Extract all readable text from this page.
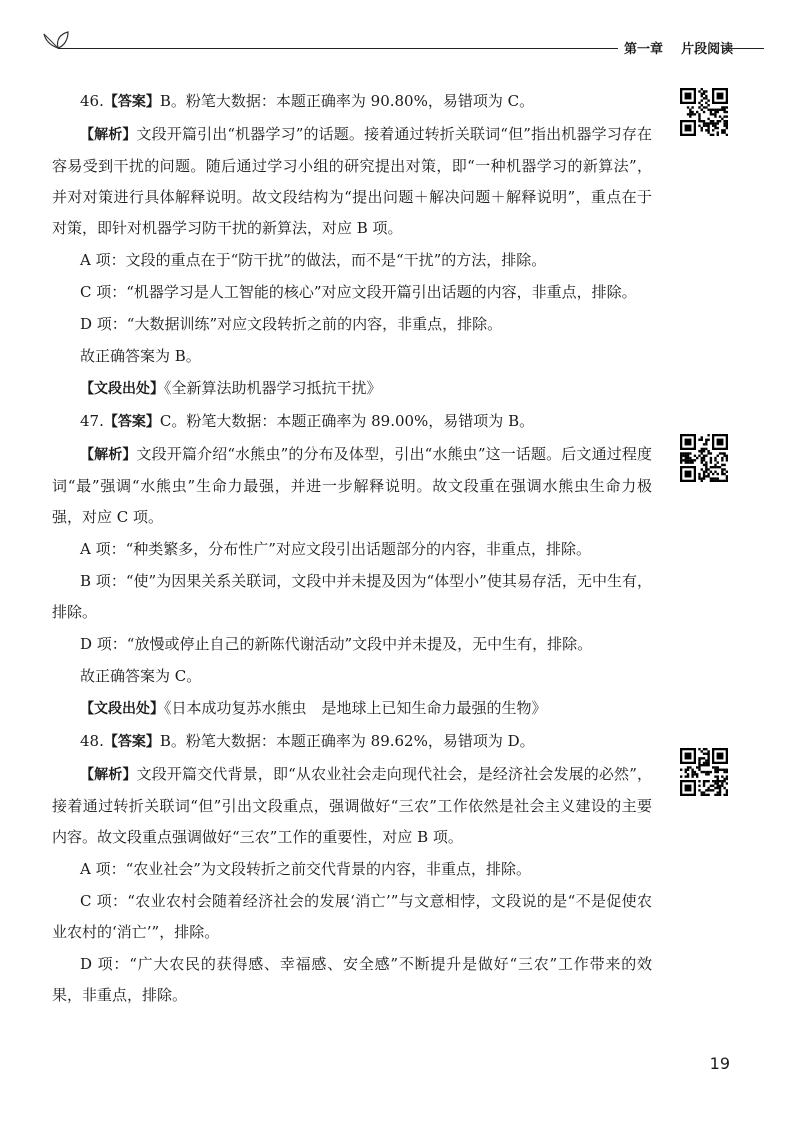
第一章 片段阅读

46.【答案】B。粉笔大数据：本题正确率为 90.80%，易错项为 C。

【解析】文段开篇引出“机器学习”的话题。接着通过转折关联词“但”指出机器学习存在容易受到干扰的问题。随后通过学习小组的研究提出对策，即“一种机器学习的新算法”，并对对策进行具体解释说明。故文段结构为“提出问题＋解决问题＋解释说明”，重点在于对策，即针对机器学习防干扰的新算法，对应 B 项。

A 项：文段的重点在于“防干扰”的做法，而不是“干扰”的方法，排除。

C 项：“机器学习是人工智能的核心”对应文段开篇引出话题的内容，非重点，排除。

D 项：“大数据训练”对应文段转折之前的内容，非重点，排除。

故正确答案为 B。

【文段出处】《全新算法助机器学习抵抗干扰》

47.【答案】C。粉笔大数据：本题正确率为 89.00%，易错项为 B。

【解析】文段开篇介绍“水熊虫”的分布及体型，引出“水熊虫”这一话题。后文通过程度词“最”强调“水熊虫”生命力最强，并进一步解释说明。故文段重在强调水熊虫生命力极强，对应 C 项。

A 项：“种类繁多，分布性广”对应文段引出话题部分的内容，非重点，排除。

B 项：“使”为因果关系关联词，文段中并未提及因为“体型小”使其易存活，无中生有，排除。

D 项：“放慢或停止自己的新陈代谢活动”文段中并未提及，无中生有，排除。

故正确答案为 C。

【文段出处】《日本成功复苏水熊虫　是地球上已知生命力最强的生物》

48.【答案】B。粉笔大数据：本题正确率为 89.62%，易错项为 D。

【解析】文段开篇交代背景，即“从农业社会走向现代社会，是经济社会发展的必然”，接着通过转折关联词“但”引出文段重点，强调做好“三农”工作依然是社会主义建设的主要内容。故文段重点强调做好“三农”工作的重要性，对应 B 项。

A 项：“农业社会”为文段转折之前交代背景的内容，非重点，排除。

C 项：“农业农村会随着经济社会的发展‘消亡’”与文意相悖，文段说的是“不是促使农业农村的‘消亡’”，排除。

D 项：“广大农民的获得感、幸福感、安全感”不断提升是做好“三农”工作带来的效果，非重点，排除。

19
